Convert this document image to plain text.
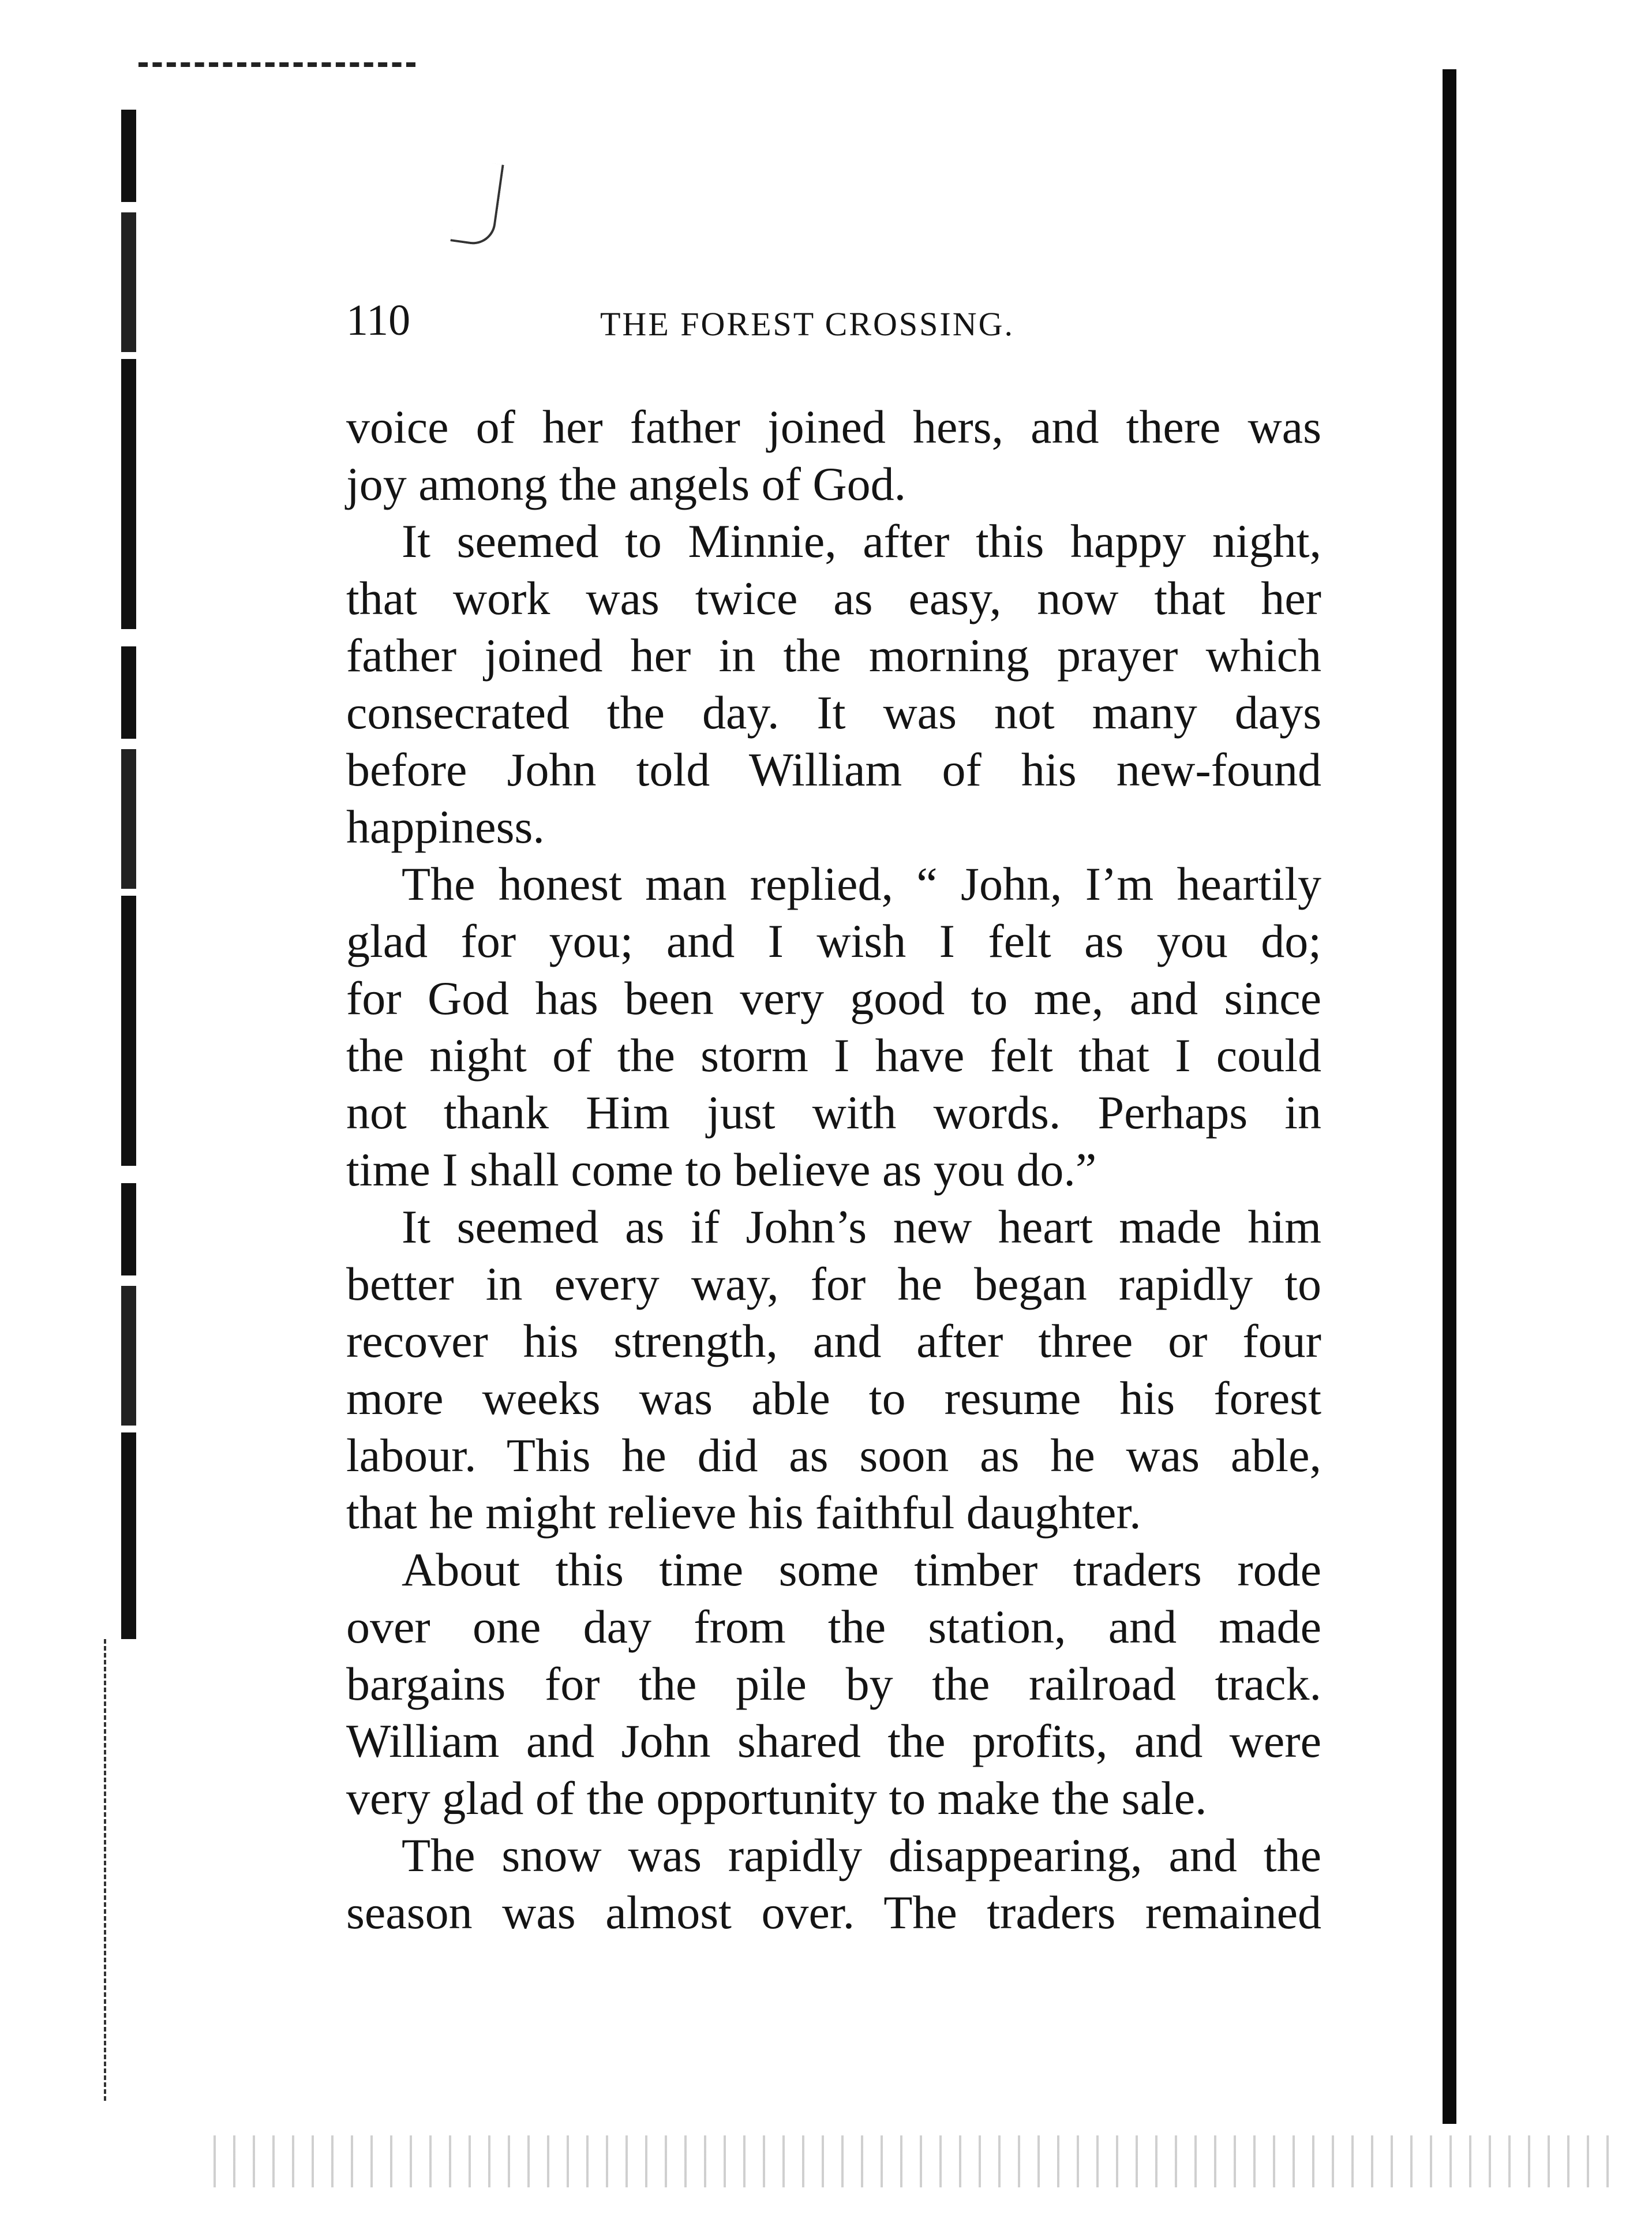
110	THE FOREST CROSSING.
voice of her father joined hers, and there was
joy among the angels of God.
It seemed to Minnie, after this happy night,
that work was twice as easy, now that her
father joined her in the morning prayer which
consecrated the day. It was not many days
before John told William of his new-found
happiness.
The honest man replied, “ John, I’m heartily
glad for you; and I wish I felt as you do;
for God has been very good to me, and since
the night of the storm I have felt that I could
not thank Him just with words. Perhaps in
time I shall come to believe as you do.”
It seemed as if John’s new heart made him
better in every way, for he began rapidly to
recover his strength, and after three or four
more weeks was able to resume his forest
labour. This he did as soon as he was able,
that he might relieve his faithful daughter.
About this time some timber traders rode
over one day from the station, and made
bargains for the pile by the railroad track.
William and John shared the profits, and were
very glad of the opportunity to make the sale.
The snow was rapidly disappearing, and the
season was almost over. The traders remained
